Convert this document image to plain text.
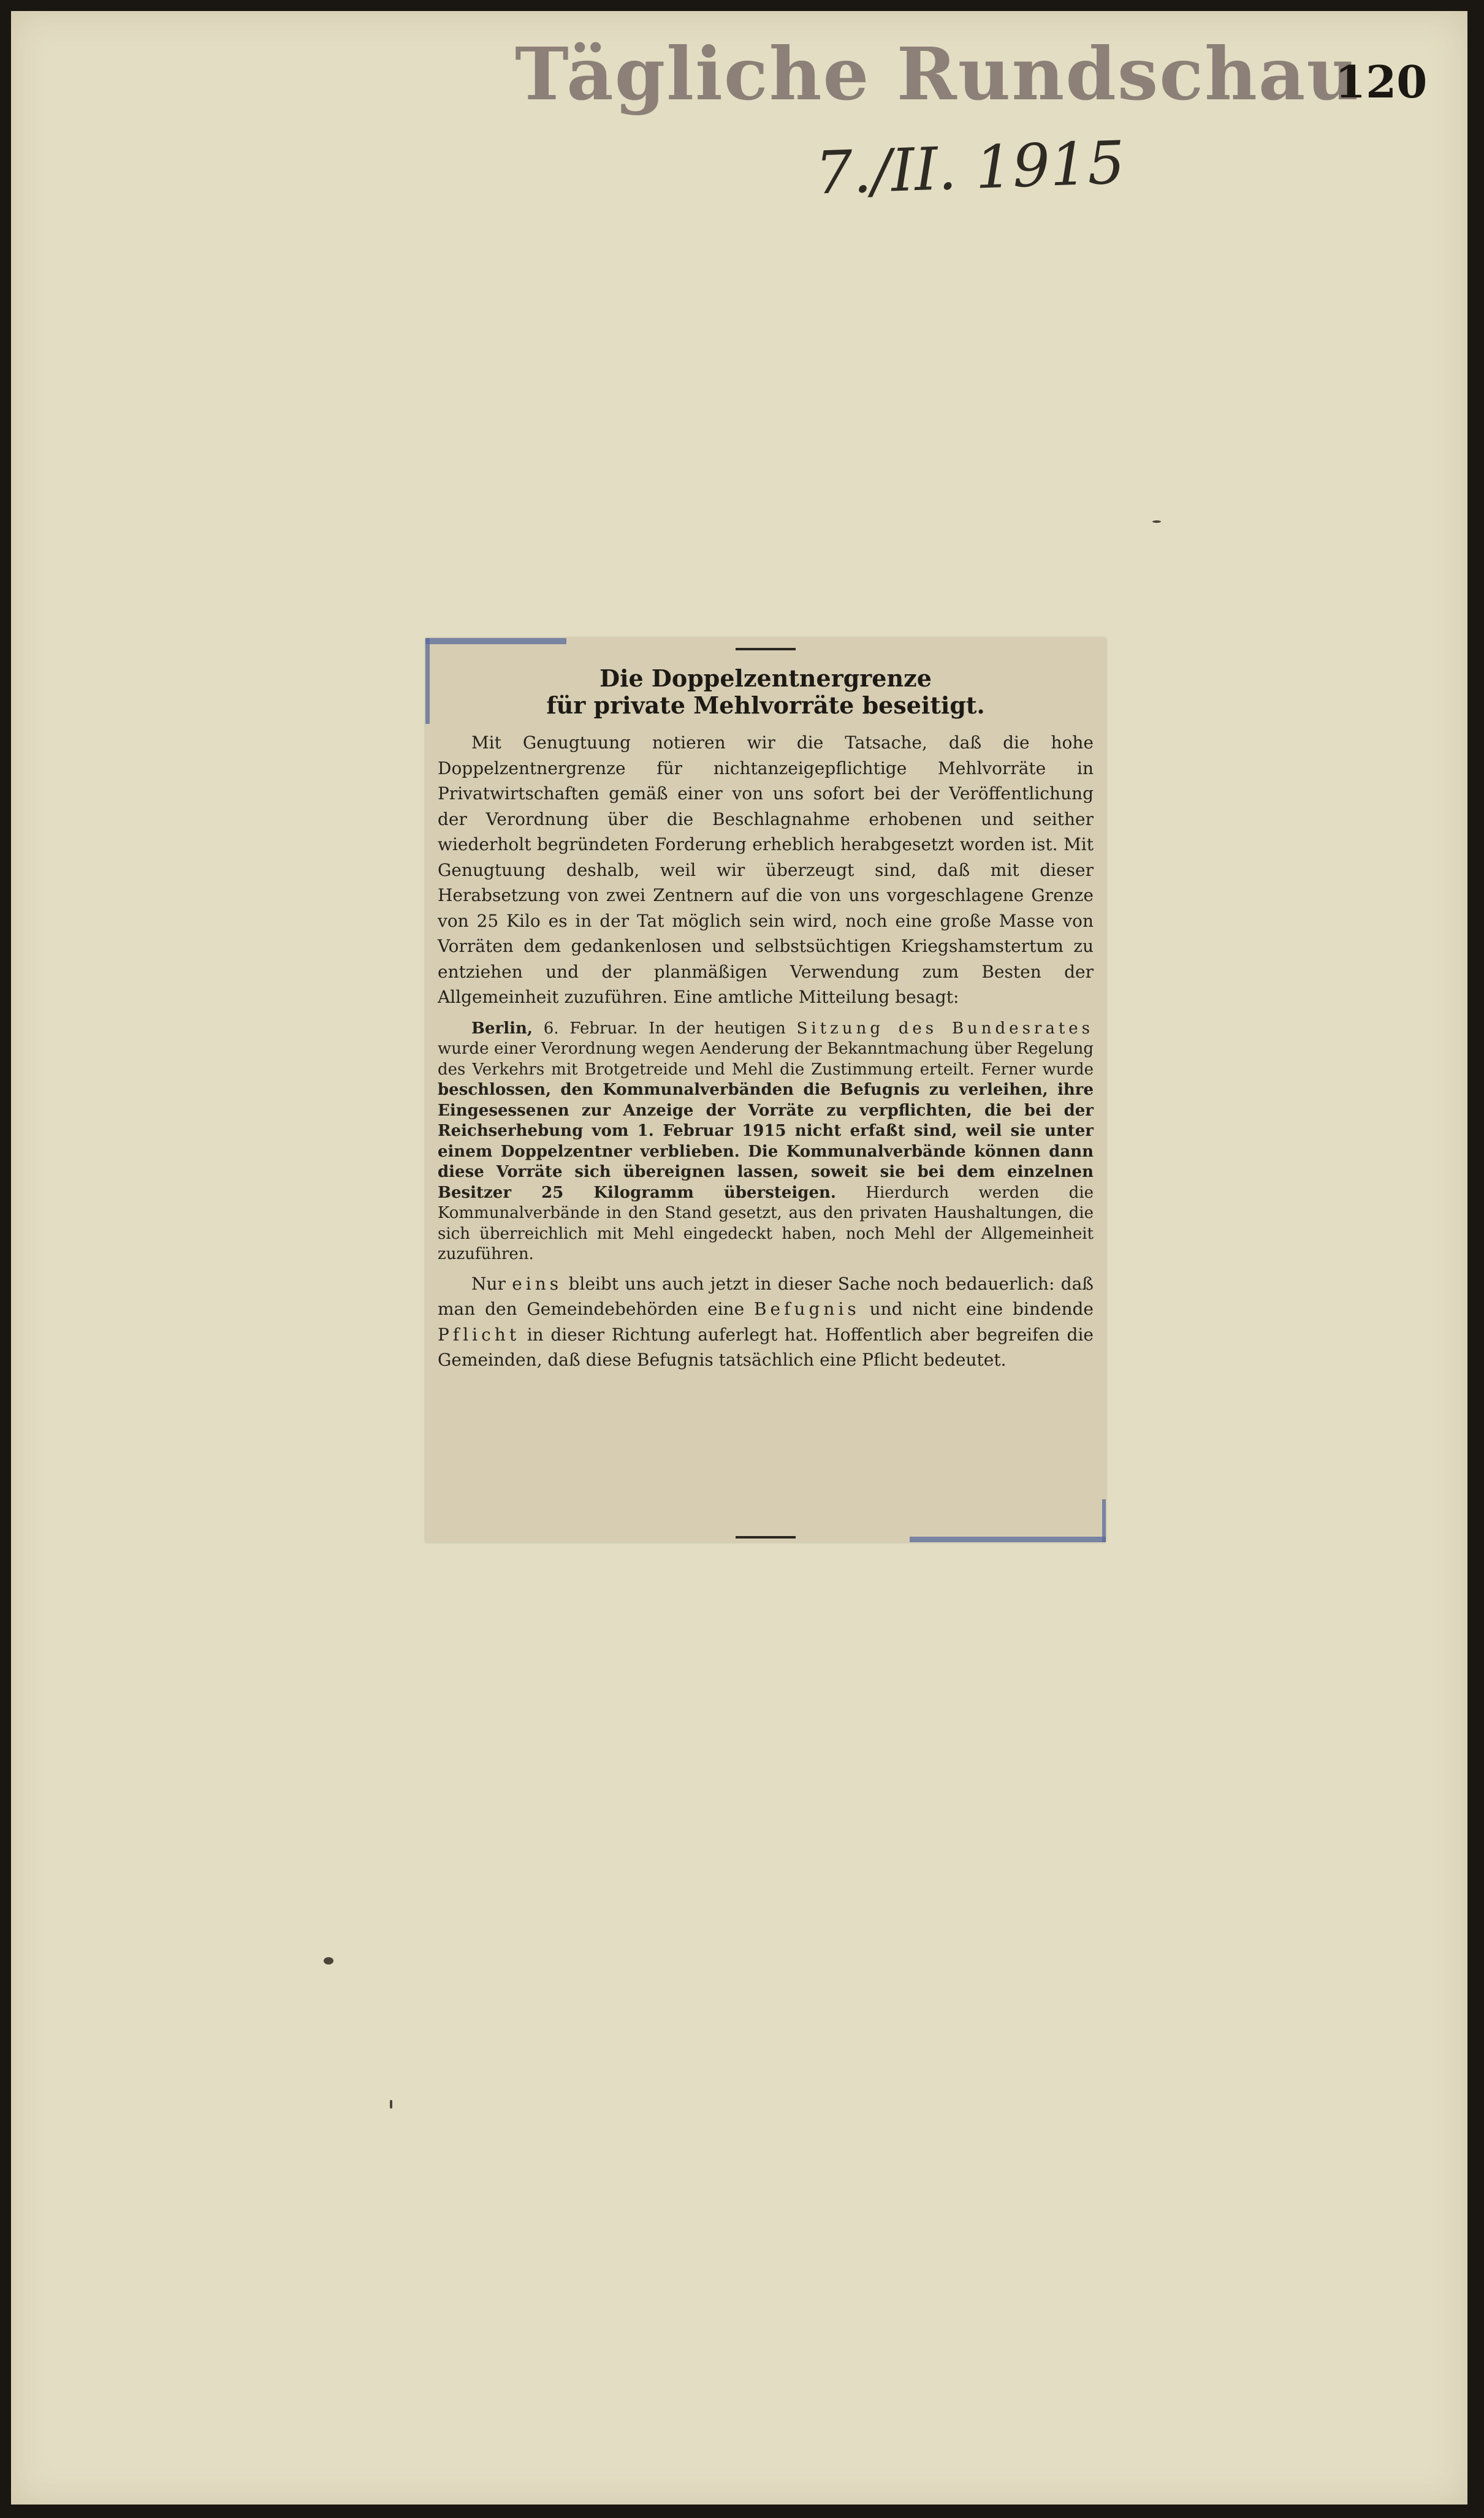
Tägliche Rundschau
7./II. 1915
120
Die Doppelzentnergrenze
für private Mehlvorräte beseitigt.

Mit Genugtuung notieren wir die Tatsache, daß die hohe Doppelzentnergrenze für nichtanzeigepflichtige Mehlvorräte in Privatwirtschaften gemäß einer von uns sofort bei der Veröffentlichung der Verordnung über die Beschlagnahme erhobenen und seither wiederholt begründeten Forderung erheblich herabgesetzt worden ist. Mit Genugtuung deshalb, weil wir überzeugt sind, daß mit dieser Herabsetzung von zwei Zentnern auf die von uns vorgeschlagene Grenze von 25 Kilo es in der Tat möglich sein wird, noch eine große Masse von Vorräten dem gedankenlosen und selbstsüchtigen Kriegshamstertum zu entziehen und der planmäßigen Verwendung zum Besten der Allgemeinheit zuzuführen. Eine amtliche Mitteilung besagt:

Berlin, 6. Februar. In der heutigen Sitzung des Bundesrates wurde einer Verordnung wegen Aenderung der Bekanntmachung über Regelung des Verkehrs mit Brotgetreide und Mehl die Zustimmung erteilt. Ferner wurde beschlossen, den Kommunalverbänden die Befugnis zu verleihen, ihre Eingesessenen zur Anzeige der Vorräte zu verpflichten, die bei der Reichserhebung vom 1. Februar 1915 nicht erfaßt sind, weil sie unter einem Doppelzentner verblieben. Die Kommunalverbände können dann diese Vorräte sich übereignen lassen, soweit sie bei dem einzelnen Besitzer 25 Kilogramm übersteigen. Hierdurch werden die Kommunalverbände in den Stand gesetzt, aus den privaten Haushaltungen, die sich überreichlich mit Mehl eingedeckt haben, noch Mehl der Allgemeinheit zuzuführen.

Nur eins bleibt uns auch jetzt in dieser Sache noch bedauerlich: daß man den Gemeindebehörden eine Befugnis und nicht eine bindende Pflicht in dieser Richtung auferlegt hat. Hoffentlich aber begreifen die Gemeinden, daß diese Befugnis tatsächlich eine Pflicht bedeutet.
